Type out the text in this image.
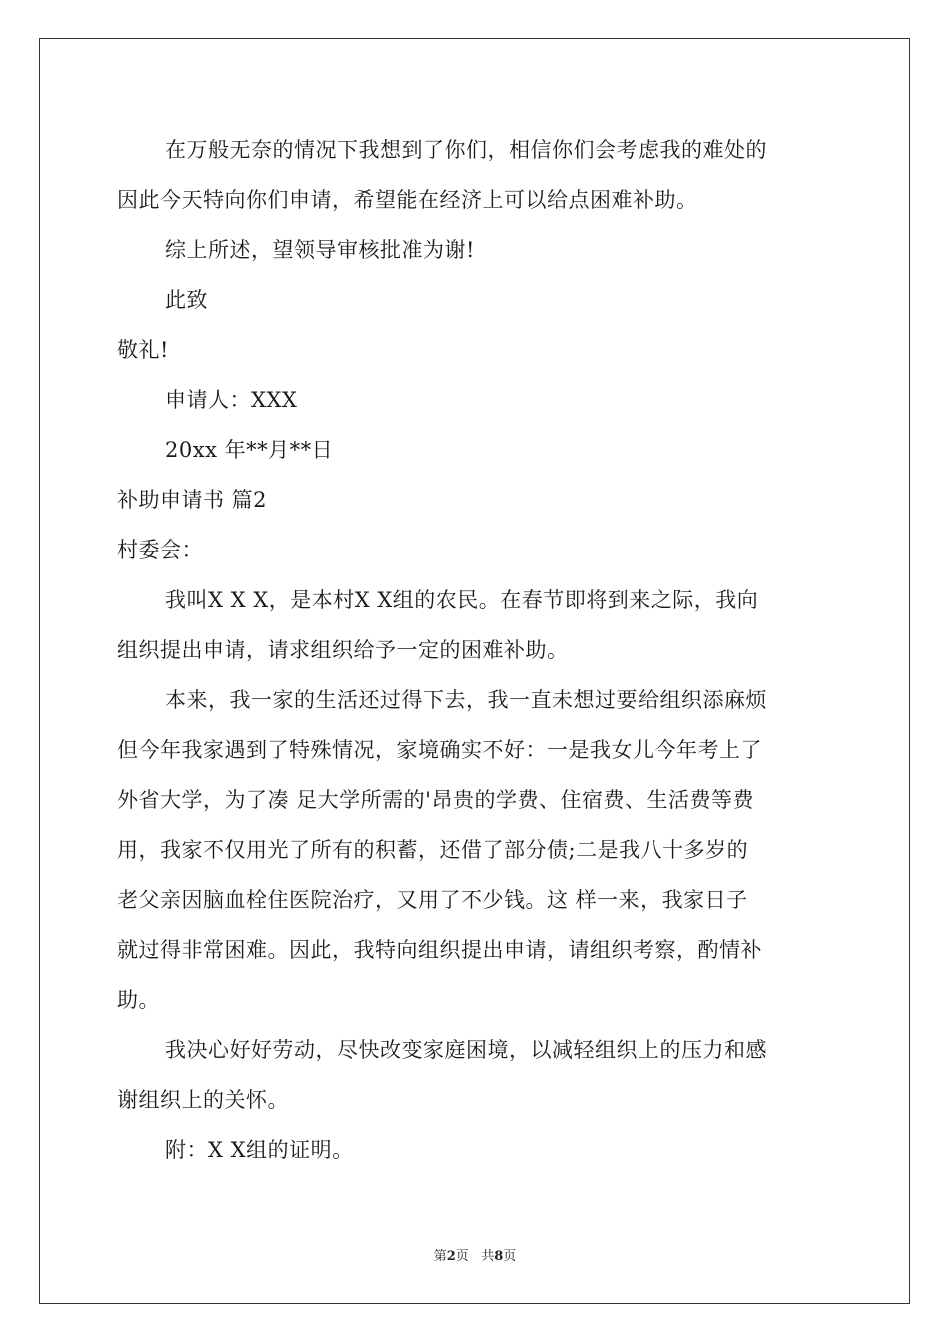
在万般无奈的情况下我想到了你们，相信你们会考虑我的难处的
因此今天特向你们申请，希望能在经济上可以给点困难补助。
综上所述，望领导审核批准为谢!
此致
敬礼!
申请人：XXX
20xx 年**月**日
补助申请书 篇2
村委会：
我叫X X X，是本村X X组的农民。在春节即将到来之际，我向
组织提出申请，请求组织给予一定的困难补助。
本来，我一家的生活还过得下去，我一直未想过要给组织添麻烦
但今年我家遇到了特殊情况，家境确实不好：一是我女儿今年考上了
外省大学，为了凑 足大学所需的'昂贵的学费、住宿费、生活费等费
用，我家不仅用光了所有的积蓄，还借了部分债;二是我八十多岁的
老父亲因脑血栓住医院治疗，又用了不少钱。这 样一来，我家日子
就过得非常困难。因此，我特向组织提出申请，请组织考察，酌情补
助。
我决心好好劳动，尽快改变家庭困境，以减轻组织上的压力和感
谢组织上的关怀。
附：X X组的证明。
第2页 共8页
